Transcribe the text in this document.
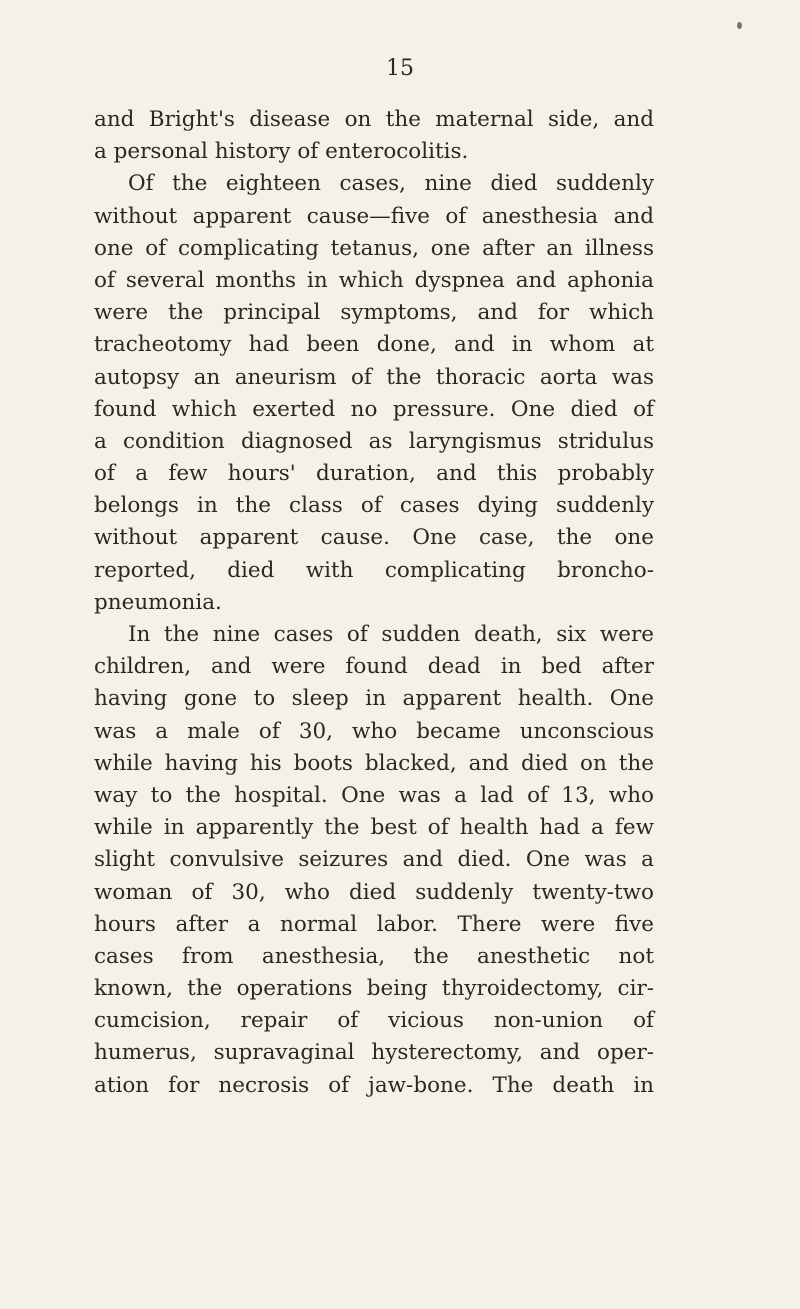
15
and Bright's disease on the maternal side, and
a personal history of enterocolitis.
Of the eighteen cases, nine died suddenly
without apparent cause—five of anesthesia and
one of complicating tetanus, one after an illness
of several months in which dyspnea and aphonia
were the principal symptoms, and for which
tracheotomy had been done, and in whom at
autopsy an aneurism of the thoracic aorta was
found which exerted no pressure. One died of
a condition diagnosed as laryngismus stridulus
of a few hours' duration, and this probably
belongs in the class of cases dying suddenly
without apparent cause. One case, the one
reported, died with complicating broncho-
pneumonia.
In the nine cases of sudden death, six were
children, and were found dead in bed after
having gone to sleep in apparent health. One
was a male of 30, who became unconscious
while having his boots blacked, and died on the
way to the hospital. One was a lad of 13, who
while in apparently the best of health had a few
slight convulsive seizures and died. One was a
woman of 30, who died suddenly twenty-two
hours after a normal labor. There were five
cases from anesthesia, the anesthetic not
known, the operations being thyroidectomy, cir-
cumcision, repair of vicious non-union of
humerus, supravaginal hysterectomy, and oper-
ation for necrosis of jaw-bone. The death in
